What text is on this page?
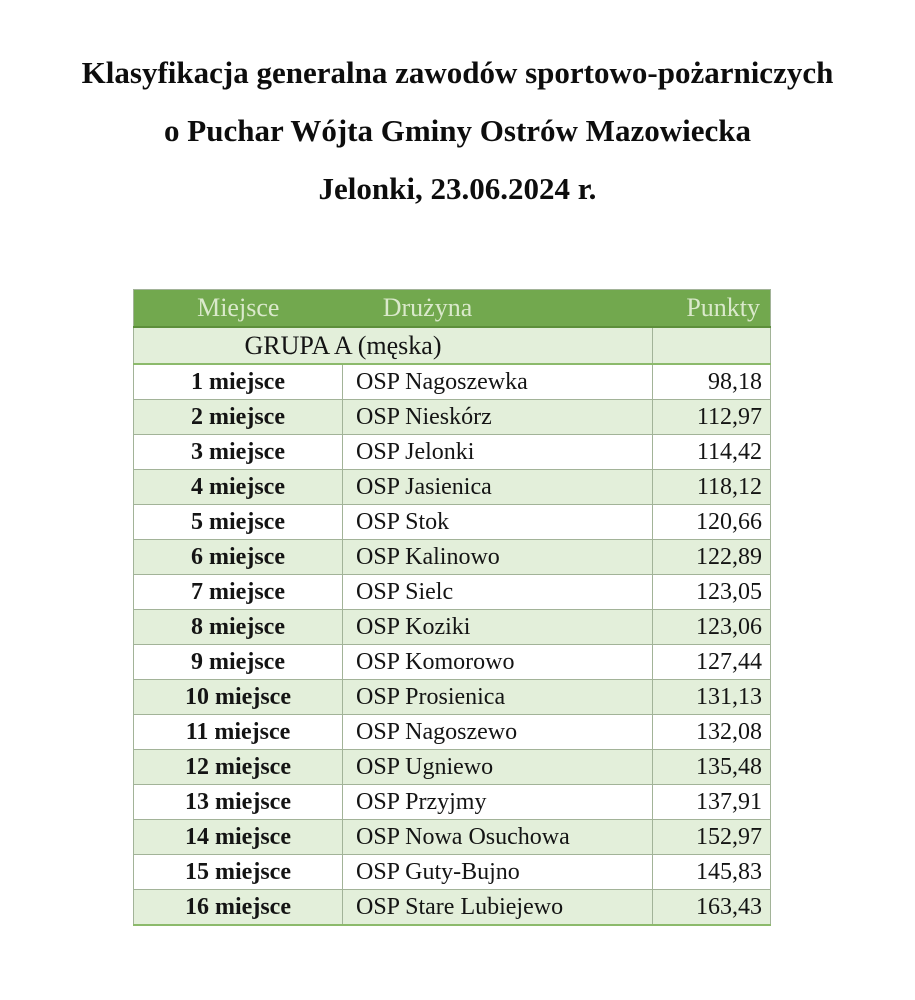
Klasyfikacja generalna zawodów sportowo-pożarniczych
o Puchar Wójta Gminy Ostrów Mazowiecka
Jelonki, 23.06.2024 r.
Miejsce	Drużyna	Punkty
GRUPA A (męska)		
1 miejsce	OSP Nagoszewka	98,18
2 miejsce	OSP Nieskórz	112,97
3 miejsce	OSP Jelonki	114,42
4 miejsce	OSP Jasienica	118,12
5 miejsce	OSP Stok	120,66
6 miejsce	OSP Kalinowo	122,89
7 miejsce	OSP Sielc	123,05
8 miejsce	OSP Koziki	123,06
9 miejsce	OSP Komorowo	127,44
10 miejsce	OSP Prosienica	131,13
11 miejsce	OSP Nagoszewo	132,08
12 miejsce	OSP Ugniewo	135,48
13 miejsce	OSP Przyjmy	137,91
14 miejsce	OSP Nowa Osuchowa	152,97
15 miejsce	OSP Guty-Bujno	145,83
16 miejsce	OSP Stare Lubiejewo	163,43
